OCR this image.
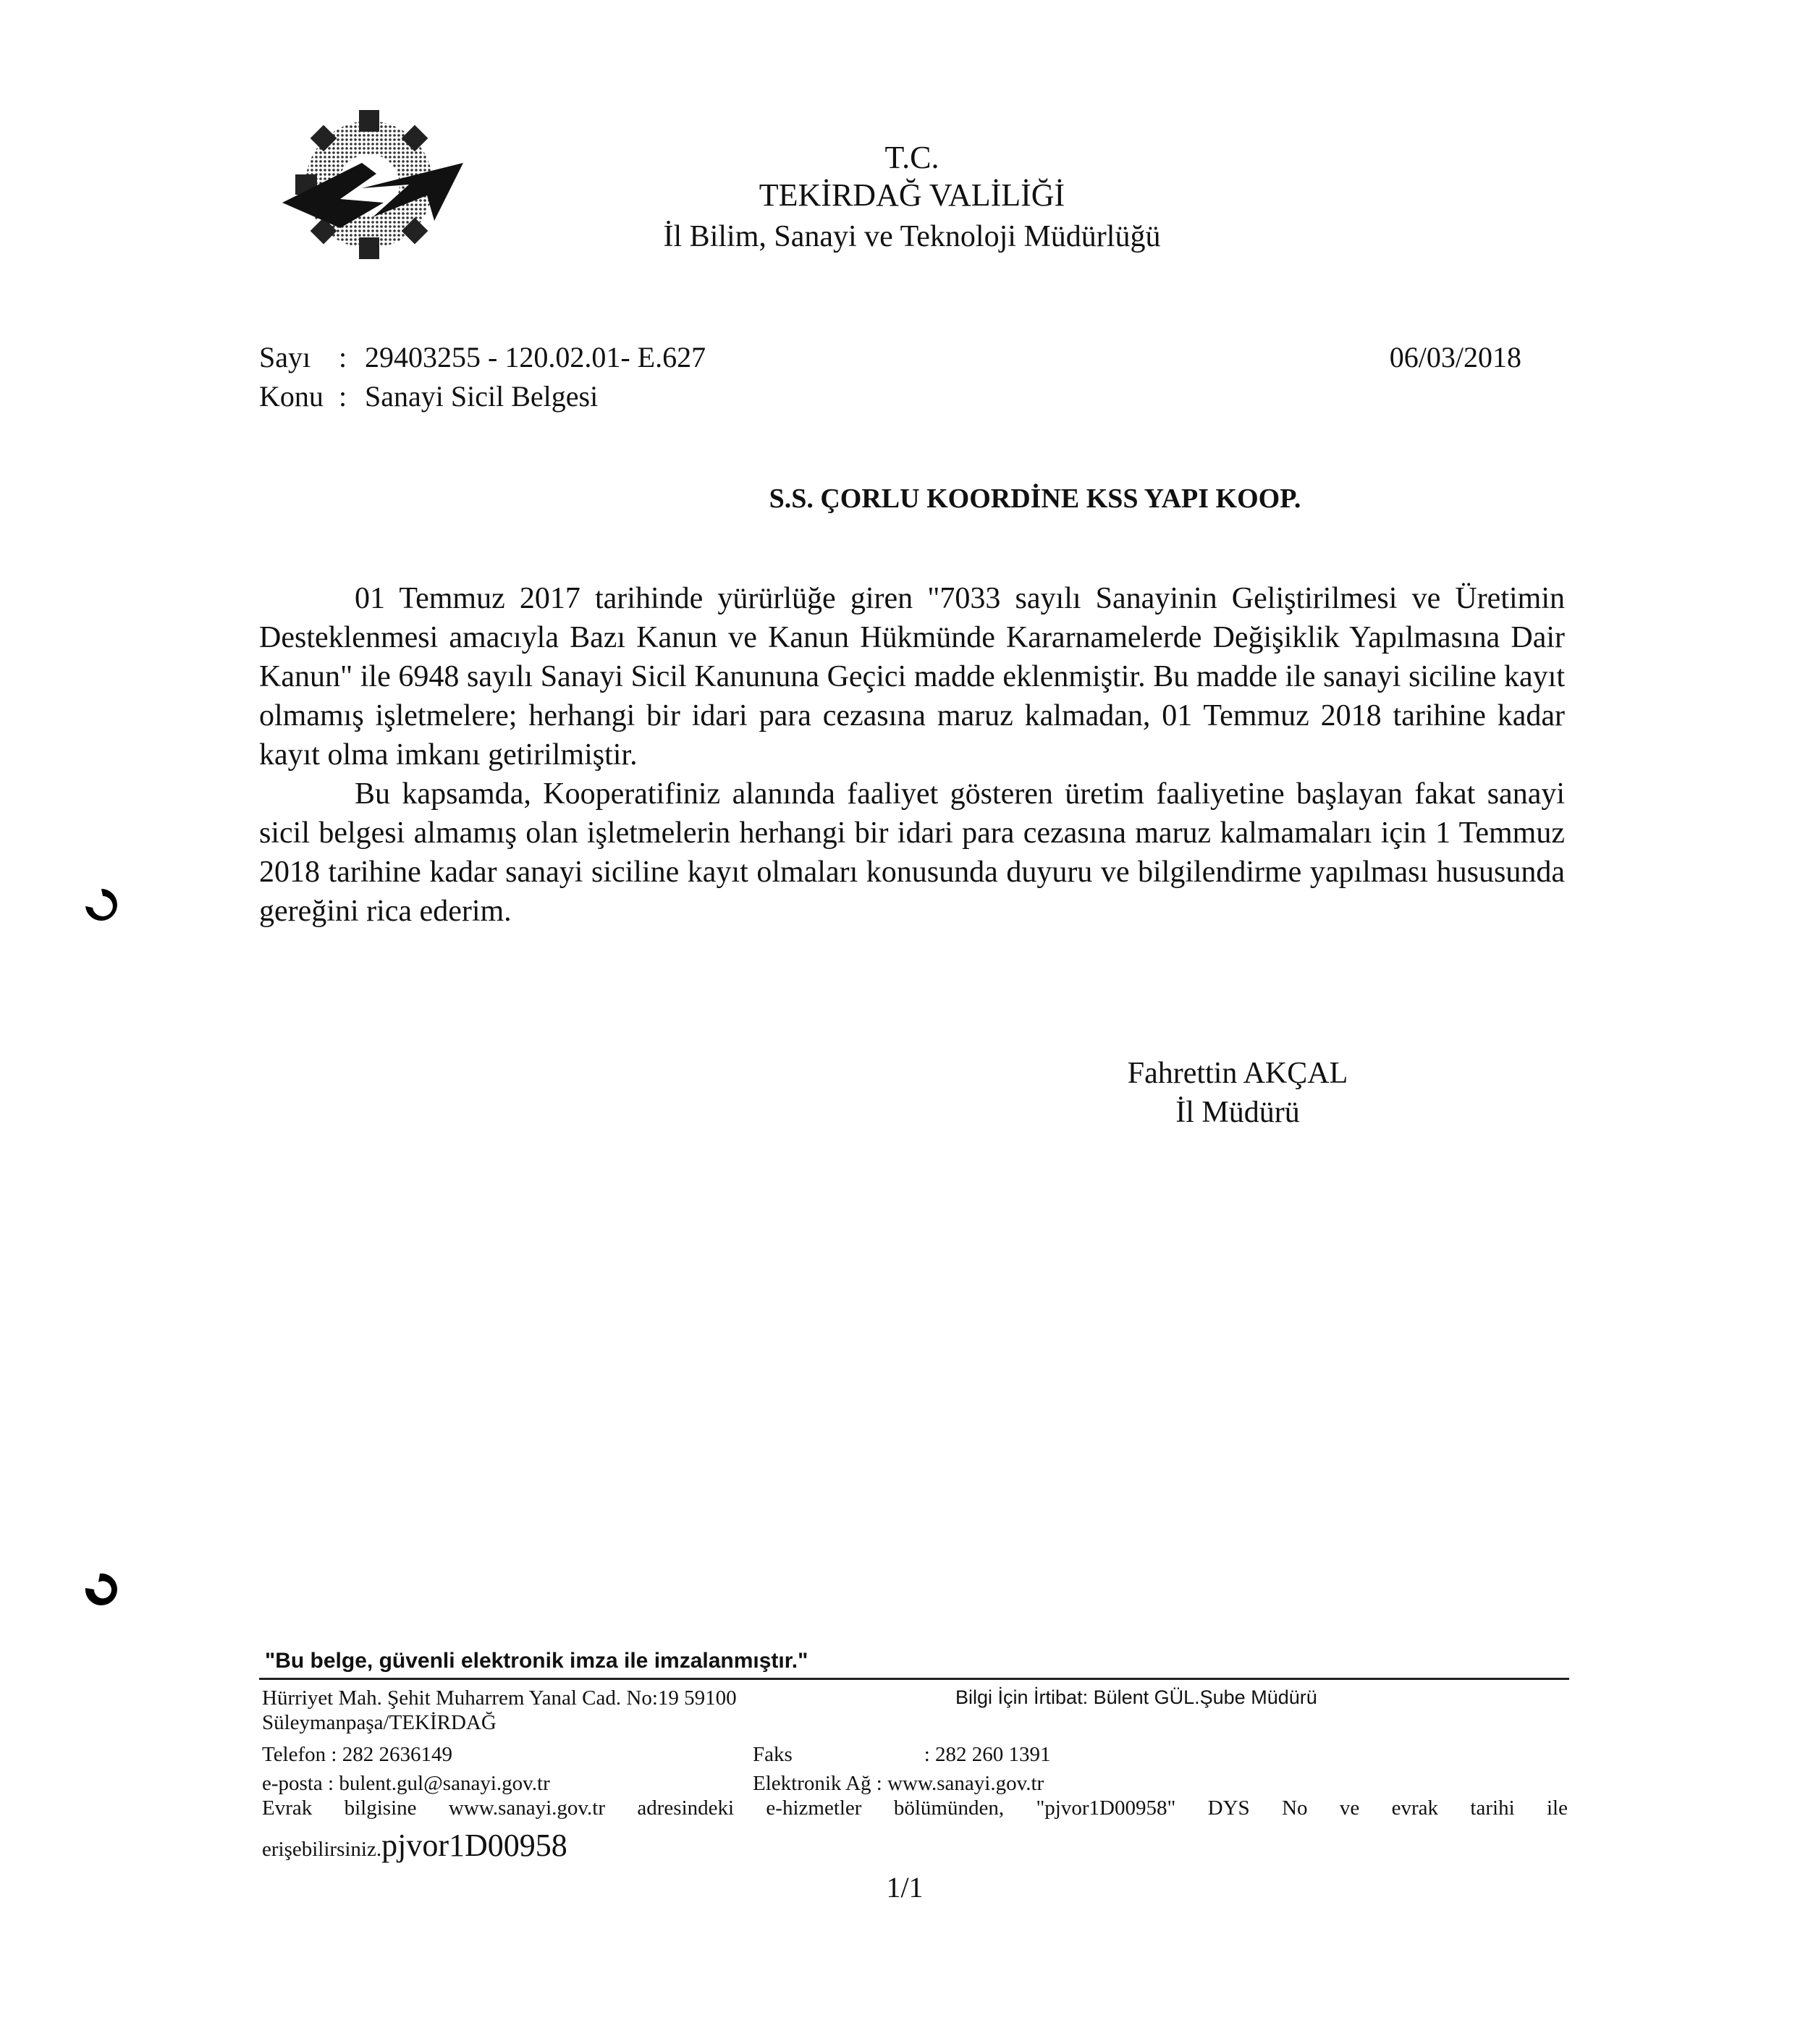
T.C.
TEKİRDAĞ VALİLİĞİ
İl Bilim, Sanayi ve Teknoloji Müdürlüğü
Sayı : 29403255 - 120.02.01- E.627
Konu : Sanayi Sicil Belgesi
06/03/2018
S.S. ÇORLU KOORDİNE KSS YAPI KOOP.

01 Temmuz 2017 tarihinde yürürlüğe giren "7033 sayılı Sanayinin Geliştirilmesi ve Üretimin Desteklenmesi amacıyla Bazı Kanun ve Kanun Hükmünde Kararnamelerde Değişiklik Yapılmasına Dair Kanun" ile 6948 sayılı Sanayi Sicil Kanununa Geçici madde eklenmiştir. Bu madde ile sanayi siciline kayıt olmamış işletmelere; herhangi bir idari para cezasına maruz kalmadan, 01 Temmuz 2018 tarihine kadar kayıt olma imkanı getirilmiştir.

Bu kapsamda, Kooperatifiniz alanında faaliyet gösteren üretim faaliyetine başlayan fakat sanayi sicil belgesi almamış olan işletmelerin herhangi bir idari para cezasına maruz kalmamaları için 1 Temmuz 2018 tarihine kadar sanayi siciline kayıt olmaları konusunda duyuru ve bilgilendirme yapılması hususunda gereğini rica ederim.

Fahrettin AKÇAL
İl Müdürü
"Bu belge, güvenli elektronik imza ile imzalanmıştır."
Hürriyet Mah. Şehit Muharrem Yanal Cad. No:19 59100	Bilgi İçin İrtibat: Bülent GÜL.Şube Müdürü
Süleymanpaşa/TEKİRDAĞ
Telefon : 282 2636149	Faks	: 282 260 1391
e-posta : bulent.gul@sanayi.gov.tr	Elektronik Ağ : www.sanayi.gov.tr
Evrak bilgisine www.sanayi.gov.tr adresindeki e-hizmetler bölümünden, "pjvor1D00958" DYS No ve evrak tarihi ile
erişebilirsiniz.pjvor1D00958
1/1
